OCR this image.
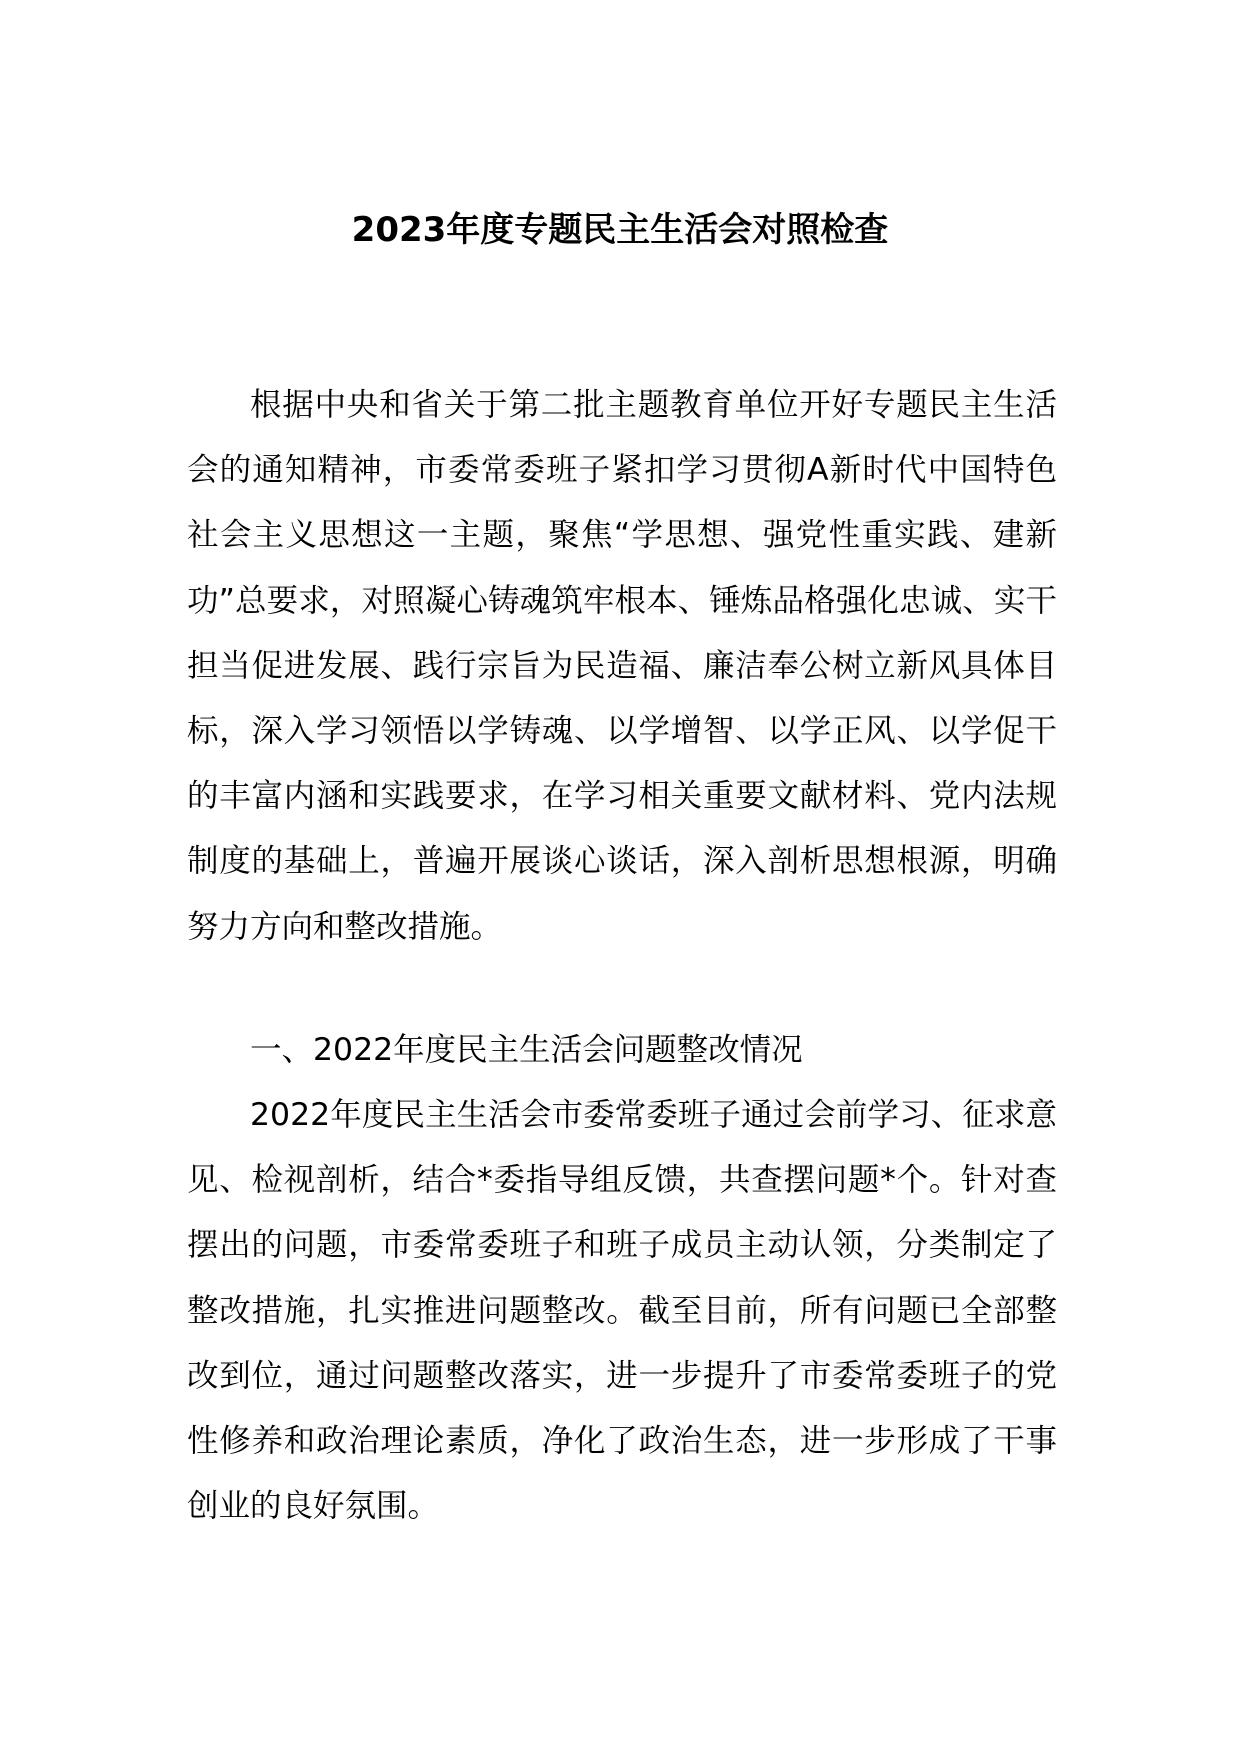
2023年度专题民主生活会对照检查

根据中央和省关于第二批主题教育单位开好专题民主生活会的通知精神，市委常委班子紧扣学习贯彻A新时代中国特色社会主义思想这一主题，聚焦“学思想、强党性重实践、建新功”总要求，对照凝心铸魂筑牢根本、锤炼品格强化忠诚、实干担当促进发展、践行宗旨为民造福、廉洁奉公树立新风具体目标，深入学习领悟以学铸魂、以学增智、以学正风、以学促干的丰富内涵和实践要求，在学习相关重要文献材料、党内法规制度的基础上，普遍开展谈心谈话，深入剖析思想根源，明确努力方向和整改措施。

一、2022年度民主生活会问题整改情况

2022年度民主生活会市委常委班子通过会前学习、征求意见、检视剖析，结合*委指导组反馈，共查摆问题*个。针对查摆出的问题，市委常委班子和班子成员主动认领，分类制定了整改措施，扎实推进问题整改。截至目前，所有问题已全部整改到位，通过问题整改落实，进一步提升了市委常委班子的党性修养和政治理论素质，净化了政治生态，进一步形成了干事创业的良好氛围。
